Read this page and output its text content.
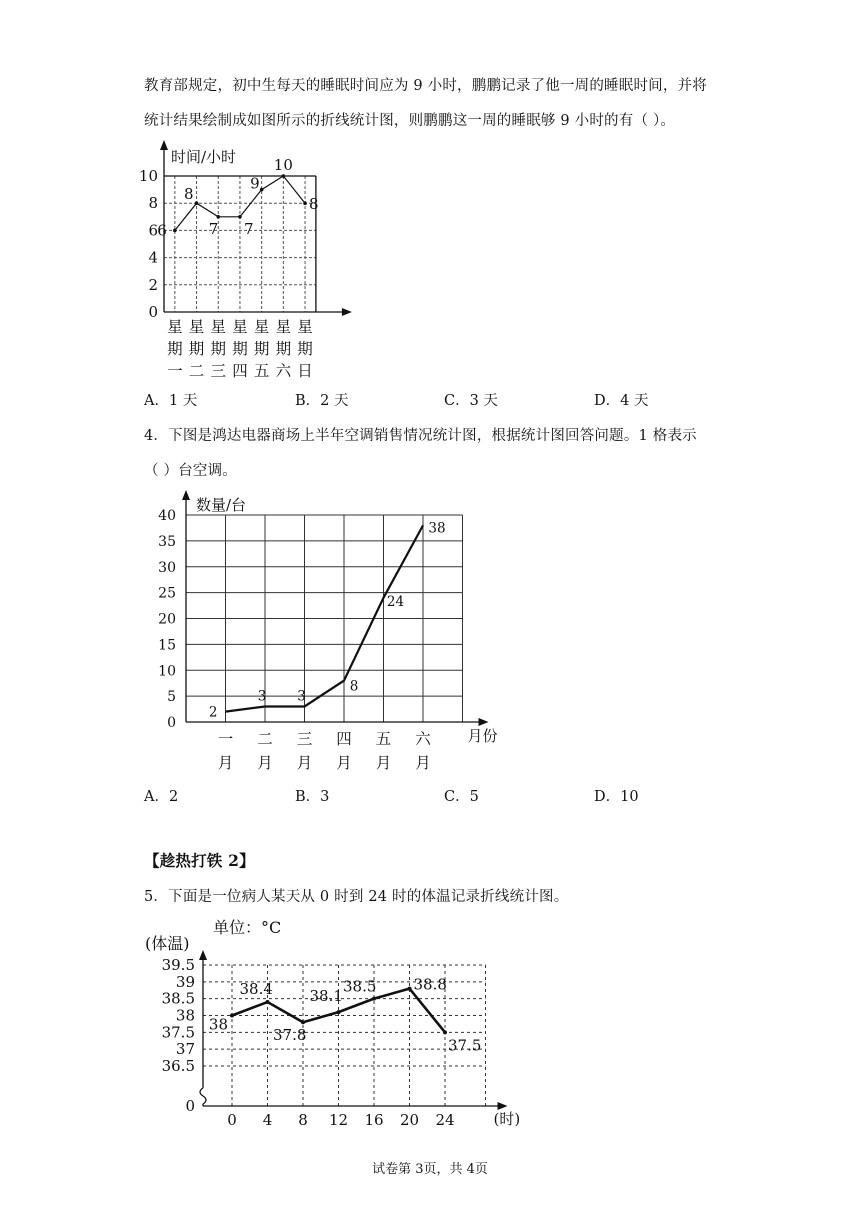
教育部规定，初中生每天的睡眠时间应为 9 小时，鹏鹏记录了他一周的睡眠时间，并将
统计结果绘制成如图所示的折线统计图，则鹏鹏这一周的睡眠够 9 小时的有（ ）。
时间/小时
0
2
4
6
8
10
星
期
一
星
期
二
星
期
三
星
期
四
星
期
五
星
期
六
星
期
日
6
8
7 7
9
10
8
A．1 天	B．2 天	C．3 天	D．4 天
4．下图是鸿达电器商场上半年空调销售情况统计图，根据统计图回答问题。1 格表示
（ ）台空调。
数量/台
月份
0
5
10
15
20
25
30
35
40
一
月
二
月
三
月
四
月
五
月
六
月
2
3 3
8
24
38
A．2	B．3	C．5	D．10
【趁热打铁 2】
5．下面是一位病人某天从 0 时到 24 时的体温记录折线统计图。
单位：°C
(体温)
(时)
0
36.5
37
37.5
38
38.5
39
39.5
0 4 8 12 16 20 24
38
38.4
37.8
38.1
38.5 38.8
37.5
试卷第 3页，共 4页
